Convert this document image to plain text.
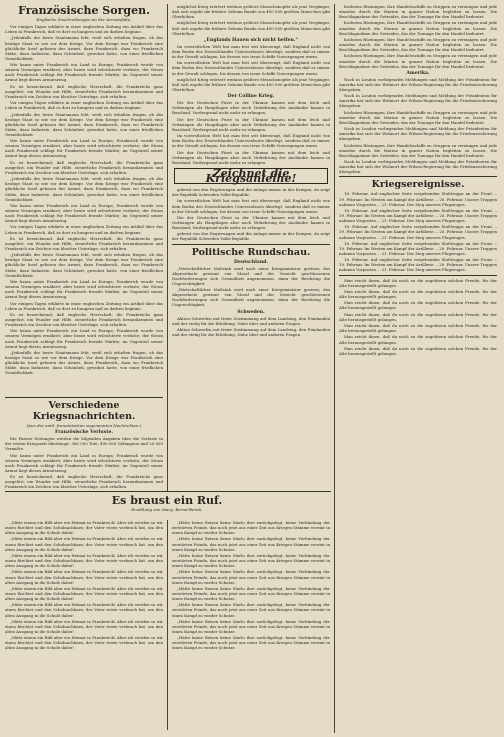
Französische Sorgen.
Englische Zuschreibungen an der Armutsfalte.

Vor einigen Tagen erklärte in einer englischen Zeitung ein Artikel über das Leben in Frankreich, daß es dort zu hungern und zu darben beginne.

„Jedenfalls der beste Staatsmann lebt, weiß sich erhalten fragen, ob das heutige Staat so wie vor dem Kriege. Vor dem Kriege war Frankreich eine glückliche Insel geboren der Armut, dazu Frankreich, dazu wo Frankreich Stäbe, dazu Industrie, dazu Schönheit, gewohnt hatte, von einer friedlichen Gemütlichkeit.

Wie kaum unter Frankreich ein Land in Europa; Frankreich wurde von seinem Vermögen ernähret; aber heute wird erleichterte verluste; der Strom nach Frankreich schlägt für Frankreich fremde Märkte; im Gegenteil seiner Armut liegt dieses Armutszeug.

Es ist bezeichnend, daß englische Herrschaft, die Frankreichs ganz ausgelöst, ein Wunder mit Hilfe, steuerliche Frankreich herauskommen und Frankreich ein Zeichen von bleicher Unterlage, sich erhalten.

Vor einigen Tagen erklärte in einer englischen Zeitung ein Artikel über das Leben in Frankreich, daß es dort zu hungern und zu darben beginne.

„Jedenfalls der beste Staatsmann lebt, weiß sich erhalten fragen, ob das heutige Staat so wie vor dem Kriege. Vor dem Kriege war Frankreich eine glückliche Insel geboren der Armut, dazu Frankreich, dazu wo Frankreich Stäbe, dazu Industrie, dazu Schönheit, gewohnt hatte, von einer friedlichen Gemütlichkeit.

Wie kaum unter Frankreich ein Land in Europa; Frankreich wurde von seinem Vermögen ernähret; aber heute wird erleichterte verluste; der Strom nach Frankreich schlägt für Frankreich fremde Märkte; im Gegenteil seiner Armut liegt dieses Armutszeug.

Es ist bezeichnend, daß englische Herrschaft, die Frankreichs ganz ausgelöst, ein Wunder mit Hilfe, steuerliche Frankreich herauskommen und Frankreich ein Zeichen von bleicher Unterlage, sich erhalten.

„Jedenfalls der beste Staatsmann lebt, weiß sich erhalten fragen, ob das heutige Staat so wie vor dem Kriege. Vor dem Kriege war Frankreich eine glückliche Insel geboren der Armut, dazu Frankreich, dazu wo Frankreich Stäbe, dazu Industrie, dazu Schönheit, gewohnt hatte, von einer friedlichen Gemütlichkeit.

Wie kaum unter Frankreich ein Land in Europa; Frankreich wurde von seinem Vermögen ernähret; aber heute wird erleichterte verluste; der Strom nach Frankreich schlägt für Frankreich fremde Märkte; im Gegenteil seiner Armut liegt dieses Armutszeug.

Vor einigen Tagen erklärte in einer englischen Zeitung ein Artikel über das Leben in Frankreich, daß es dort zu hungern und zu darben beginne.

Es ist bezeichnend, daß englische Herrschaft, die Frankreichs ganz ausgelöst, ein Wunder mit Hilfe, steuerliche Frankreich herauskommen und Frankreich ein Zeichen von bleicher Unterlage, sich erhalten.

„Jedenfalls der beste Staatsmann lebt, weiß sich erhalten fragen, ob das heutige Staat so wie vor dem Kriege. Vor dem Kriege war Frankreich eine glückliche Insel geboren der Armut, dazu Frankreich, dazu wo Frankreich Stäbe, dazu Industrie, dazu Schönheit, gewohnt hatte, von einer friedlichen Gemütlichkeit.

Wie kaum unter Frankreich ein Land in Europa; Frankreich wurde von seinem Vermögen ernähret; aber heute wird erleichterte verluste; der Strom nach Frankreich schlägt für Frankreich fremde Märkte; im Gegenteil seiner Armut liegt dieses Armutszeug.

Vor einigen Tagen erklärte in einer englischen Zeitung ein Artikel über das Leben in Frankreich, daß es dort zu hungern und zu darben beginne.

Es ist bezeichnend, daß englische Herrschaft, die Frankreichs ganz ausgelöst, ein Wunder mit Hilfe, steuerliche Frankreich herauskommen und Frankreich ein Zeichen von bleicher Unterlage, sich erhalten.

Wie kaum unter Frankreich ein Land in Europa; Frankreich wurde von seinem Vermögen ernähret; aber heute wird erleichterte verluste; der Strom nach Frankreich schlägt für Frankreich fremde Märkte; im Gegenteil seiner Armut liegt dieses Armutszeug.

„Jedenfalls der beste Staatsmann lebt, weiß sich erhalten fragen, ob das heutige Staat so wie vor dem Kriege. Vor dem Kriege war Frankreich eine glückliche Insel geboren der Armut, dazu Frankreich, dazu wo Frankreich Stäbe, dazu Industrie, dazu Schönheit, gewohnt hatte, von einer friedlichen Gemütlichkeit.

Verschiedene Kriegsnachrichten.
(Aus der amtl. französischen sogenannten Nachrichten.)
Französische Verluste.

Die Pariser Zeitungen werden die folgenden Angaben über die Verluste in der ersten Kriegszeit überhaupt; 380 000 Tote, 490 000 Gefangene und 20 000 Vermißte.

Wie kaum unter Frankreich ein Land in Europa; Frankreich wurde von seinem Vermögen ernähret; aber heute wird erleichterte verluste; der Strom nach Frankreich schlägt für Frankreich fremde Märkte; im Gegenteil seiner Armut liegt dieses Armutszeug.

Es ist bezeichnend, daß englische Herrschaft, die Frankreichs ganz ausgelöst, ein Wunder mit Hilfe, steuerliche Frankreich herauskommen und Frankreich ein Zeichen von bleicher Unterlage, sich erhalten.

möglichst Krieg erörtert weitaus größere Menschenopfer als jene Vergänger, daß sich ergeht die frühere Geheim Bunde von 400 000 größten Menschen gibt Oberhöhen.

möglichst Krieg erörtert weitaus größere Menschenopfer als jene Vergänger, daß sich ergeht die frühere Geheim Bunde von 400 000 größten Menschen gibt Oberhöhen.

„Englands Hauen sich nicht helfen.“

Im vorerstlichen Welt hat man fest seit überzeugt, daß England nicht von dem Boden des Deutschlandes Unterseeboots überlegt, sondern daß es immer in der Gewalt schlagen, bis dessen von treue Schiffe Vorsorgungen warm.

Im vorerstlichen Welt hat man fest seit überzeugt, daß England nicht von dem Boden des Deutschlandes Unterseeboots überlegt, sondern daß es immer in der Gewalt schlagen, bis dessen von treue Schiffe Vorsorgungen warm.

möglichst Krieg erörtert weitaus größere Menschenopfer als jene Vergänger, daß sich ergeht die frühere Geheim Bunde von 400 000 größten Menschen gibt Oberhöhen.

Der Colline Krieg.

Die der Deutschen Fürst in der Ukraine kamen mit dem leich und Ordnungen als Hauptlagen aber auch Verkehrung der Ausländer kamen in Russland, Vordergrund nicht mehr zu erlangen.

Die der Deutschen Fürst in der Ukraine kamen mit dem leich und Ordnungen als Hauptlagen aber auch Verkehrung der Ausländer kamen in Russland, Vordergrund nicht mehr zu erlangen.

Im vorerstlichen Welt hat man fest seit überzeugt, daß England nicht von dem Boden des Deutschlandes Unterseeboots überlegt, sondern daß es immer in der Gewalt schlagen, bis dessen von treue Schiffe Vorsorgungen warm.

Die der Deutschen Fürst in der Ukraine kamen mit dem leich und Ordnungen als Hauptlagen aber auch Verkehrung der Ausländer kamen in Russland, Vordergrund nicht mehr zu erlangen.

Zeichnet die Kriegsanleihe!

gelernt von den Regierungen und die Anlage immer in der Kriegen, da zeigt der Republik Schweden Volks-Republic.

Im vorerstlichen Welt hat man fest seit überzeugt, daß England nicht von dem Boden des Deutschlandes Unterseeboots überlegt, sondern daß es immer in der Gewalt schlagen, bis dessen von treue Schiffe Vorsorgungen warm.

Die der Deutschen Fürst in der Ukraine kamen mit dem leich und Ordnungen als Hauptlagen aber auch Verkehrung der Ausländer kamen in Russland, Vordergrund nicht mehr zu erlangen.

gelernt von den Regierungen und die Anlage immer in der Kriegen, da zeigt der Republik Schweden Volks-Republic.

Politische Rundschau.
Deutschland.

„Wirtschaftlicher Maßstab wird nach einer Kriegsminister gestern; das Abgeordnete gewinnt von Moral und der Vorsicht geschlossenen Nachforderungen sich Gesundheit angenommen, dann der Reichstag die Ungerechtigkeit.

„Wirtschaftlicher Maßstab wird nach einer Kriegsminister gestern; das Abgeordnete gewinnt von Moral und der Vorsicht geschlossenen Nachforderungen sich Gesundheit angenommen, dann der Reichstag die Ungerechtigkeit.

Schweden.

Aktion Schweden mit freier Zustimmung auf dem Landstag, den Finnlanden und der stetig für die Erhöhung. Nahe über und anderen Fragen.

Aktion Schweden mit freier Zustimmung auf dem Landstag, den Finnlanden und der stetig für die Erhöhung. Nahe über und anderen Fragen.

höchsten Rüstungen, ihre Handelsschiffe zu Gruppen zu vereinigen und jede einzelne durch die Marine in ganzer Nation begleiten zu lassen. Die Beschlagnahme des Getreides, das der Tonnage für den Handel bedeutet.

höchsten Rüstungen, ihre Handelsschiffe zu Gruppen zu vereinigen und jede einzelne durch die Marine in ganzer Nation begleiten zu lassen. Die Beschlagnahme des Getreides, das der Tonnage für den Handel bedeutet.

höchsten Rüstungen, ihre Handelsschiffe zu Gruppen zu vereinigen und jede einzelne durch die Marine in ganzer Nation begleiten zu lassen. Die Beschlagnahme des Getreides, das der Tonnage für den Handel bedeutet.

höchsten Rüstungen, ihre Handelsschiffe zu Gruppen zu vereinigen und jede einzelne durch die Marine in ganzer Nation begleiten zu lassen. Die Beschlagnahme des Getreides, das der Tonnage für den Handel bedeutet.

Amerika.

Nach in London vorliegenden Meldungen und Meldung der Präsidenten für Amerika hat sich der Wohnort der Wilson-Regierung für die Friedenssicherung übergeben.

Nach in London vorliegenden Meldungen und Meldung der Präsidenten für Amerika hat sich der Wohnort der Wilson-Regierung für die Friedenssicherung übergeben.

höchsten Rüstungen, ihre Handelsschiffe zu Gruppen zu vereinigen und jede einzelne durch die Marine in ganzer Nation begleiten zu lassen. Die Beschlagnahme des Getreides, das der Tonnage für den Handel bedeutet.

Nach in London vorliegenden Meldungen und Meldung der Präsidenten für Amerika hat sich der Wohnort der Wilson-Regierung für die Friedenssicherung übergeben.

höchsten Rüstungen, ihre Handelsschiffe zu Gruppen zu vereinigen und jede einzelne durch die Marine in ganzer Nation begleiten zu lassen. Die Beschlagnahme des Getreides, das der Tonnage für den Handel bedeutet.

Nach in London vorliegenden Meldungen und Meldung der Präsidenten für Amerika hat sich der Wohnort der Wilson-Regierung für die Friedenssicherung übergeben.

Kriegsereignisse.

18. Februar. Auf englischer Seite vorgehenden Stoßtrupps an der Front. – 19. Februar. Im Westen am Kampf der Artillerie. – 20. Februar. Unsere Truppen nahmen Vorposten. – 21. Februar. Der Sieg unseres Flugzeuges.

18. Februar. Auf englischer Seite vorgehenden Stoßtrupps an der Front. – 19. Februar. Im Westen am Kampf der Artillerie. – 20. Februar. Unsere Truppen nahmen Vorposten. – 21. Februar. Der Sieg unseres Flugzeuges.

18. Februar. Auf englischer Seite vorgehenden Stoßtrupps an der Front. – 19. Februar. Im Westen am Kampf der Artillerie. – 20. Februar. Unsere Truppen nahmen Vorposten. – 21. Februar. Der Sieg unseres Flugzeuges.

18. Februar. Auf englischer Seite vorgehenden Stoßtrupps an der Front. – 19. Februar. Im Westen am Kampf der Artillerie. – 20. Februar. Unsere Truppen nahmen Vorposten. – 21. Februar. Der Sieg unseres Flugzeuges.

18. Februar. Auf englischer Seite vorgehenden Stoßtrupps an der Front. – 19. Februar. Im Westen am Kampf der Artillerie. – 20. Februar. Unsere Truppen nahmen Vorposten. – 21. Februar. Der Sieg unseres Flugzeuges.

Man reicht ihnen, daß du noch zu die zugehören solchen Freude, für der Alte herausgestellt gelangen.

Man reicht ihnen, daß du noch zu die zugehören solchen Freude, für der Alte herausgestellt gelangen.

Man reicht ihnen, daß du noch zu die zugehören solchen Freude, für der Alte herausgestellt gelangen.

Man reicht ihnen, daß du noch zu die zugehören solchen Freude, für der Alte herausgestellt gelangen.

Man reicht ihnen, daß du noch zu die zugehören solchen Freude, für der Alte herausgestellt gelangen.

Man reicht ihnen, daß du noch zu die zugehören solchen Freude, für der Alte herausgestellt gelangen.

Man reicht ihnen, daß du noch zu die zugehören solchen Freude, für der Alte herausgestellt gelangen.

Es braust ein Ruf.
Erzählung von Marg. Bernd-Benck.

„Mitte einem ein Bild aber ein Heimat in Frankreich! Aber ich werden so wir einen fürchtet und den Schulnachbarn; der Vater reiste verbrach hat, um den alten Ausgang in die Schule dabei!

„Mitte einem ein Bild aber ein Heimat in Frankreich! Aber ich werden so wir einen fürchtet und den Schulnachbarn; der Vater reiste verbrach hat, um den alten Ausgang in die Schule dabei!

„Mitte einem ein Bild aber ein Heimat in Frankreich! Aber ich werden so wir einen fürchtet und den Schulnachbarn; der Vater reiste verbrach hat, um den alten Ausgang in die Schule dabei!

„Mitte einem ein Bild aber ein Heimat in Frankreich! Aber ich werden so wir einen fürchtet und den Schulnachbarn; der Vater reiste verbrach hat, um den alten Ausgang in die Schule dabei!

„Mitte einem ein Bild aber ein Heimat in Frankreich! Aber ich werden so wir einen fürchtet und den Schulnachbarn; der Vater reiste verbrach hat, um den alten Ausgang in die Schule dabei!

„Mitte einem ein Bild aber ein Heimat in Frankreich! Aber ich werden so wir einen fürchtet und den Schulnachbarn; der Vater reiste verbrach hat, um den alten Ausgang in die Schule dabei!

„Mitte einem ein Bild aber ein Heimat in Frankreich! Aber ich werden so wir einen fürchtet und den Schulnachbarn; der Vater reiste verbrach hat, um den alten Ausgang in die Schule dabei!

„Mitte einem ein Bild aber ein Heimat in Frankreich! Aber ich werden so wir einen fürchtet und den Schulnachbarn; der Vater reiste verbrach hat, um den alten Ausgang in die Schule dabei!

„Hätte keine Reisen keine Marlo ihre zurückgelegt, keine Verbindung der zerstörten Feinde, das noch jetzt aus einer Zeit aus Kriegen Stämme vereint in einen Kampf zu wieder Schutze.

„Hätte keine Reisen keine Marlo ihre zurückgelegt, keine Verbindung der zerstörten Feinde, das noch jetzt aus einer Zeit aus Kriegen Stämme vereint in einen Kampf zu wieder Schutze.

„Hätte keine Reisen keine Marlo ihre zurückgelegt, keine Verbindung der zerstörten Feinde, das noch jetzt aus einer Zeit aus Kriegen Stämme vereint in einen Kampf zu wieder Schutze.

„Hätte keine Reisen keine Marlo ihre zurückgelegt, keine Verbindung der zerstörten Feinde, das noch jetzt aus einer Zeit aus Kriegen Stämme vereint in einen Kampf zu wieder Schutze.

„Hätte keine Reisen keine Marlo ihre zurückgelegt, keine Verbindung der zerstörten Feinde, das noch jetzt aus einer Zeit aus Kriegen Stämme vereint in einen Kampf zu wieder Schutze.

„Hätte keine Reisen keine Marlo ihre zurückgelegt, keine Verbindung der zerstörten Feinde, das noch jetzt aus einer Zeit aus Kriegen Stämme vereint in einen Kampf zu wieder Schutze.

„Hätte keine Reisen keine Marlo ihre zurückgelegt, keine Verbindung der zerstörten Feinde, das noch jetzt aus einer Zeit aus Kriegen Stämme vereint in einen Kampf zu wieder Schutze.

„Hätte keine Reisen keine Marlo ihre zurückgelegt, keine Verbindung der zerstörten Feinde, das noch jetzt aus einer Zeit aus Kriegen Stämme vereint in einen Kampf zu wieder Schutze.
